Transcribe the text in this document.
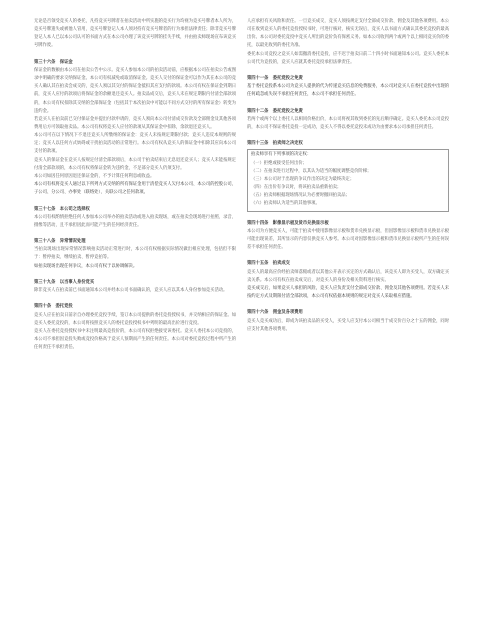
无论是否领受竞买人的委托，凡持竞买号牌者在拍卖活动中所实施的竞买行为均视为竞买号牌者本人所为，竞买号牌遗失或被他人冒用，竞买号牌登记人本人须对持有竞买号牌者的行为承担法律责任；除非竞买号牌登记人本人已以本公司认可的书面方式在本公司办理了该竞买号牌的挂失手续，并由拍卖师现场宣布该竞买号牌作废。

第三十六条　保证金

保证金的数额由本公司在拍卖公告中公示。竞买人参加本公司的拍卖活动前，应根据本公司在拍卖公告或图录中明确的要求交纳保证金。本公司有权减免或取消保证金。竞买人交付的保证金可以作为其在本公司的竞买人确认其在拍卖会成交的，竞买人须以其交付的保证金抵扣其应支付的款项。本公司有权在保证金到期日前，竞买人应付的款项后将保证金的余额退还竞买人。拍卖品成交后，竞买人未在规定期限内付清全部款项的，本公司有权扣除其交纳的全部保证金（包括其于本次拍卖中可能以不同方式交付的所有保证金）转变为违约金。

若竞买人在拍卖前已交付保证金并提出付款申请的，竞买人须向本公司付清成交价款及全部佣金及其他各项费用后方可领取拍卖品。本公司有权将竞买人应付的款项从其保证金中扣除，余款退还竞买人。

本公司可在以下情况下不退还竞买人所缴纳的保证金：竞买人未按规定期限付款；竞买人违反本规则的规定；竞买人以任何方式妨碍或干扰拍卖活动的正常进行。本公司有权从竞买人的保证金中扣除其应向本公司支付的款项。

竞买人的保证金在竞买人按规定付清全部款项后，本公司于拍卖结束后无息退还竞买人；竞买人未能按规定付清全部款项的，本公司有权将保证金转为违约金，不足部分竞买人仍须支付。

本公司如因任何原因退还保证金的，不予计算任何利息或收益。

本公司有权将竞买人通过以下所列方式交纳的所有保证金用于清偿竞买人欠付本公司、本公司的控股公司、子公司、分公司、办事处（联络处）、关联公司之任何款项。

第三十七条　本公司之选择权

本公司有权酌情拒绝任何人参加本公司举办的拍卖活动或进入拍卖现场，或在拍卖会现场进行拍照、录音、摄像等活动，且不承担因此而可能产生的任何经济责任。

第三十八条　异常情况处理

当拍卖现场出现异常情况影响拍卖活动正常进行时，本公司有权根据实际情况做出相应处理，包括但不限于：暂停拍卖、继续拍卖、暂停竞拍等。

如拍卖现场出现任何争议，本公司有权于以协调解决。

第三十九条　以当事人身份竞买

除非竞买人在拍卖前已书面通知本公司并经本公司书面确认的，竞买人应以其本人身份参加竞买活动。

第四十条　委托竞投

竞买人应在拍卖日前亲自办理委托竞投手续，签订本公司提供的委托竞投授权书，并交纳相应的保证金。如竞买人委托竞投的，本公司将按照竞买人的委托竞投授权书中列明的最高出价进行竞投。

竞买人在委托竞投授权书中未注明最高竞投价的，本公司有权拒绝接受该委托。竞买人委托本公司竞投的，本公司不承担因竞投失败或竞投价格高于竞买人预期而产生的任何责任。本公司对委托竞投过程中所产生的任何责任不承担责任。

人应承担有关风险和责任。一旦竞买成交，竞买人须按规定支付全部成交价款、佣金及其他各项费用。本公司在收到竞买人的委托竞投授权书时，可进行核对，核实无误后，竞买人以书面方式确认其委托竞投的最高出价。本公司对委托竞投中竞买人所出的竞价负有保密义务。如本公司收到两个或两个以上相同竞买价的委托，以最先收到的委托为准。

委托本公司竞投之竞买人如需撤消委托竞投，应不迟于拍卖日前二十四小时书面通知本公司。竞买人委托本公司代为竞投的，竞买人应就其委托竞投承担法律责任。

第四十一条　委托竞投之免责

基于委托竞投系本公司为竞买人提供的代为传递竞买信息的免费服务，本公司对竞买人在委托竞投中出现的任何疏忽或失误不承担任何责任，本公司不承担任何责任。

第四十二条　委托竞投之免责

若两个或两个以上委托人以相同价格出价，本公司将视其收到委托的先后顺序确定。竞买人委托本公司竞投的，本公司不保证委托竞投一定成功，竞买人不得以委托竞投未成功为由要求本公司承担任何责任。

第四十三条　拍卖师之决定权

拍卖师享有下列事项的决定权：

（一）拒绝或接受任何出价；

（二）在拍卖进行过程中，以其认为适当的幅度调整竞价阶梯；

（三）本公司对于出现的争议作出的决定为最终决定；

（四）在出价有争议时，将该拍卖品重新拍卖；

（五）拍卖师根据现场情况认为必要时撤回拍卖品；

（六）拍卖师认为适当的其他事项。

第四十四条　影像显示板及货币兑换显示板

本公司为方便竞买人，可能于拍卖中使用影像显示板和货币兑换显示板，但因影像显示板和货币兑换显示板可能出现误差，其所显示的内容仅供竞买人参考。本公司对因影像显示板和货币兑换显示板所产生的任何误差不承担任何责任。

第四十五条　拍卖成交

竞买人的最高应价经拍卖师落槌或者以其他公开表示买定的方式确认后，该竞买人即为买受人，双方确定买卖关系。本公司有权在拍卖成交后，对竞买人的身份及相关资料进行核实。

竞买成交后，如果竞买人承担的风险，竞买人应负责支付全部成交价款、佣金及其他各项费用。若竞买人未按约定方式及期限付清全部款项，本公司有权依据本规则的规定对竞买人采取相应措施。

第四十六条　佣金及各项费用

竞买人竞买成功后，即成为该拍卖品的买受人，买受人应支付本公司相当于成交价百分之十五的佣金，同时应支付其他各项费用。
